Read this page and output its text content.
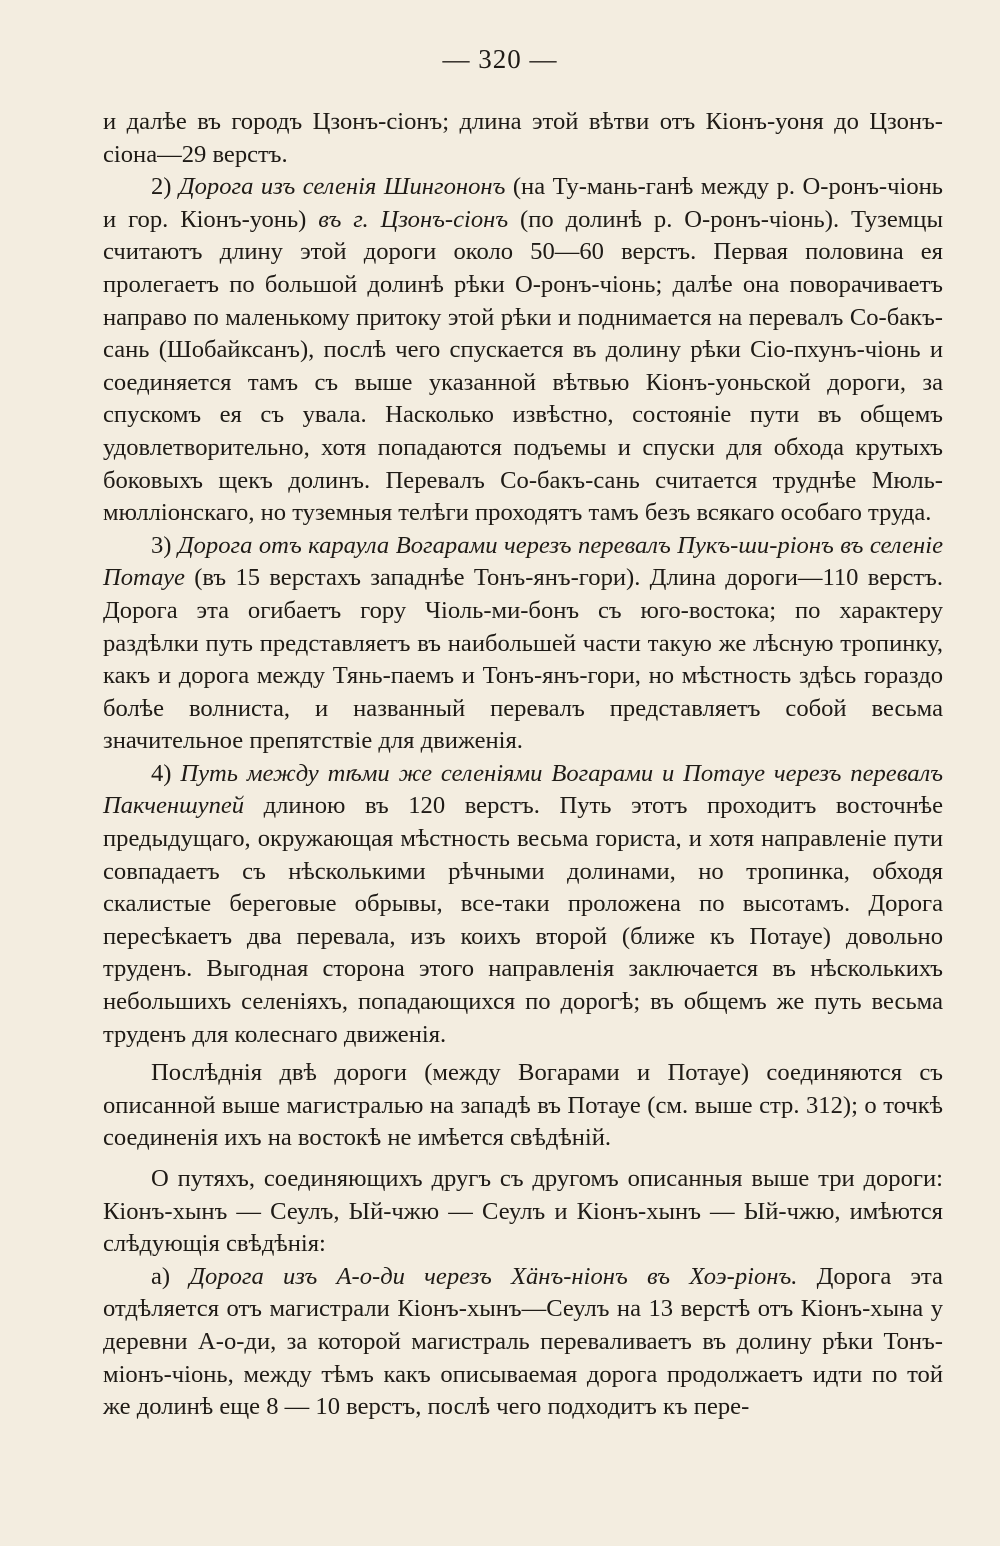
— 320 —

и далѣе въ городъ Цзонъ-сіонъ; длина этой вѣтви отъ Кіонъ-уоня до Цзонъ-сіона—29 верстъ.

2) Дорога изъ селенія Шингононъ (на Ту-мань-ганѣ между р. О-ронъ-чіонь и гор. Кіонъ-уонь) въ г. Цзонъ-сіонъ (по долинѣ р. О-ронъ-чіонь). Туземцы считаютъ длину этой дороги около 50—60 верстъ. Первая половина ея пролегаетъ по большой долинѣ рѣки О-ронъ-чіонь; далѣе она поворачиваетъ направо по маленькому притоку этой рѣки и поднимается на перевалъ Со-бакъ-сань (Шобайксанъ), послѣ чего спускается въ долину рѣки Сіо-пхунъ-чіонь и соединяется тамъ съ выше указанной вѣтвью Кіонъ-уоньской дороги, за спускомъ ея съ увала. Насколько извѣстно, состояніе пути въ общемъ удовлетворительно, хотя попадаются подъемы и спуски для обхода крутыхъ боковыхъ щекъ долинъ. Перевалъ Со-бакъ-сань считается труднѣе Мюль-мюлліонскаго, но туземныя телѣги проходятъ тамъ безъ всякаго особаго труда.

3) Дорога отъ караула Вогарами черезъ перевалъ Пукъ-ши-ріонъ въ селеніе Потауе (въ 15 верстахъ западнѣе Тонъ-янъ-гори). Длина дороги—110 верстъ. Дорога эта огибаетъ гору Чіоль-ми-бонъ съ юго-востока; по характеру раздѣлки путь представляетъ въ наибольшей части такую же лѣсную тропинку, какъ и дорога между Тянь-паемъ и Тонъ-янъ-гори, но мѣстность здѣсь гораздо болѣе волниста, и названный перевалъ представляетъ собой весьма значительное препятствіе для движенія.

4) Путь между тѣми же селеніями Вогарами и Потауе черезъ перевалъ Пакченшупей длиною въ 120 верстъ. Путь этотъ проходитъ восточнѣе предыдущаго, окружающая мѣстность весьма гориста, и хотя направленіе пути совпадаетъ съ нѣсколькими рѣчными долинами, но тропинка, обходя скалистые береговые обрывы, все-таки проложена по высотамъ. Дорога пересѣкаетъ два перевала, изъ коихъ второй (ближе къ Потауе) довольно труденъ. Выгодная сторона этого направленія заключается въ нѣсколькихъ небольшихъ селеніяхъ, попадающихся по дорогѣ; въ общемъ же путь весьма труденъ для колеснаго движенія.

Послѣднія двѣ дороги (между Вогарами и Потауе) соединяются съ описанной выше магистралью на западѣ въ Потауе (см. выше стр. 312); о точкѣ соединенія ихъ на востокѣ не имѣется свѣдѣній.

О путяхъ, соединяющихъ другъ съ другомъ описанныя выше три дороги: Кіонъ-хынъ — Сеулъ, Ый-чжю — Сеулъ и Кіонъ-хынъ — Ый-чжю, имѣются слѣдующія свѣдѣнія:

а) Дорога изъ А-о-ди черезъ Хäнъ-ніонъ въ Хоэ-ріонъ. Дорога эта отдѣляется отъ магистрали Кіонъ-хынъ—Сеулъ на 13 верстѣ отъ Кіонъ-хына у деревни А-о-ди, за которой магистраль переваливаетъ въ долину рѣки Тонъ-міонъ-чіонь, между тѣмъ какъ описываемая дорога продолжаетъ идти по той же долинѣ еще 8 — 10 верстъ, послѣ чего подходитъ къ пере-
